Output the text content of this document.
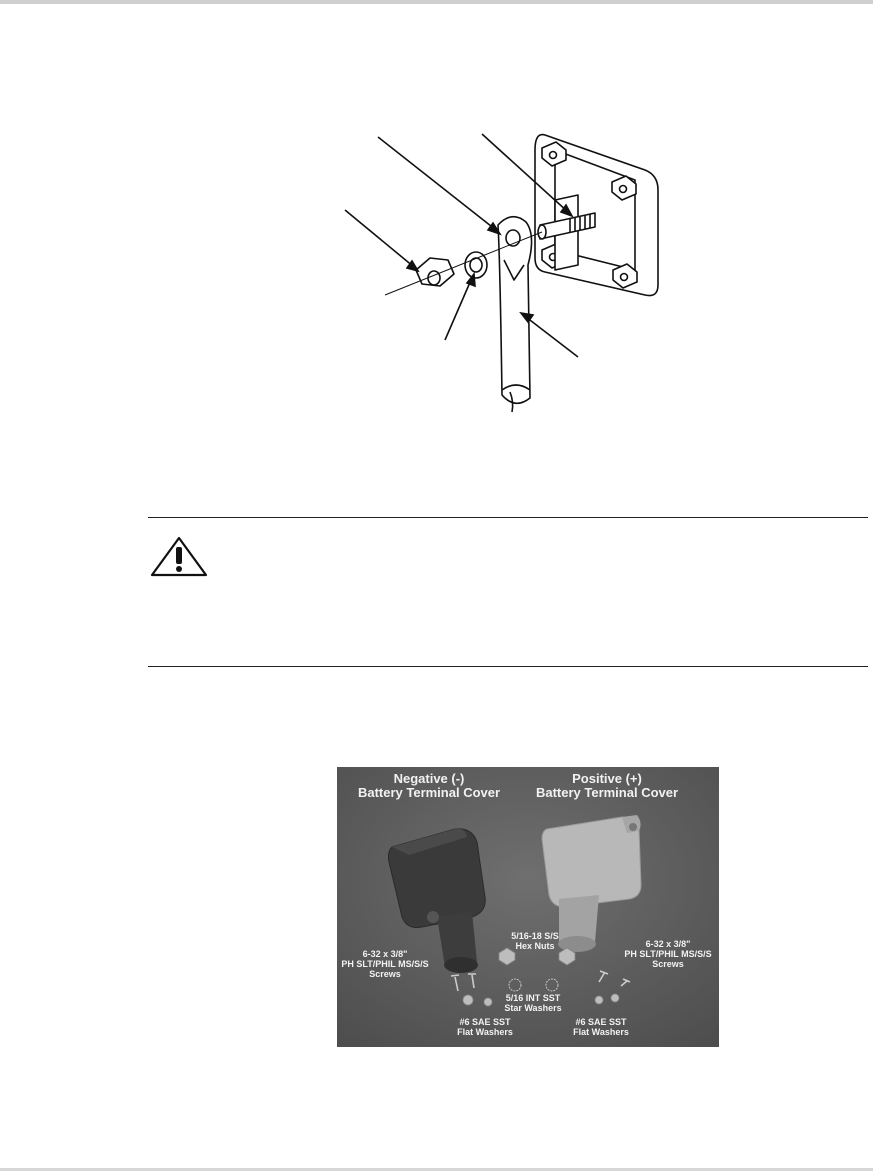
Negative (-)
Battery Terminal Cover
Positive (+)
Battery Terminal Cover
5/16-18 S/S
Hex Nuts
6-32 x 3/8"
PH SLT/PHIL MS/S/S
Screws
6-32 x 3/8"
PH SLT/PHIL MS/S/S
Screws
5/16 INT SST
Star Washers
#6 SAE SST
Flat Washers
#6 SAE SST
Flat Washers
